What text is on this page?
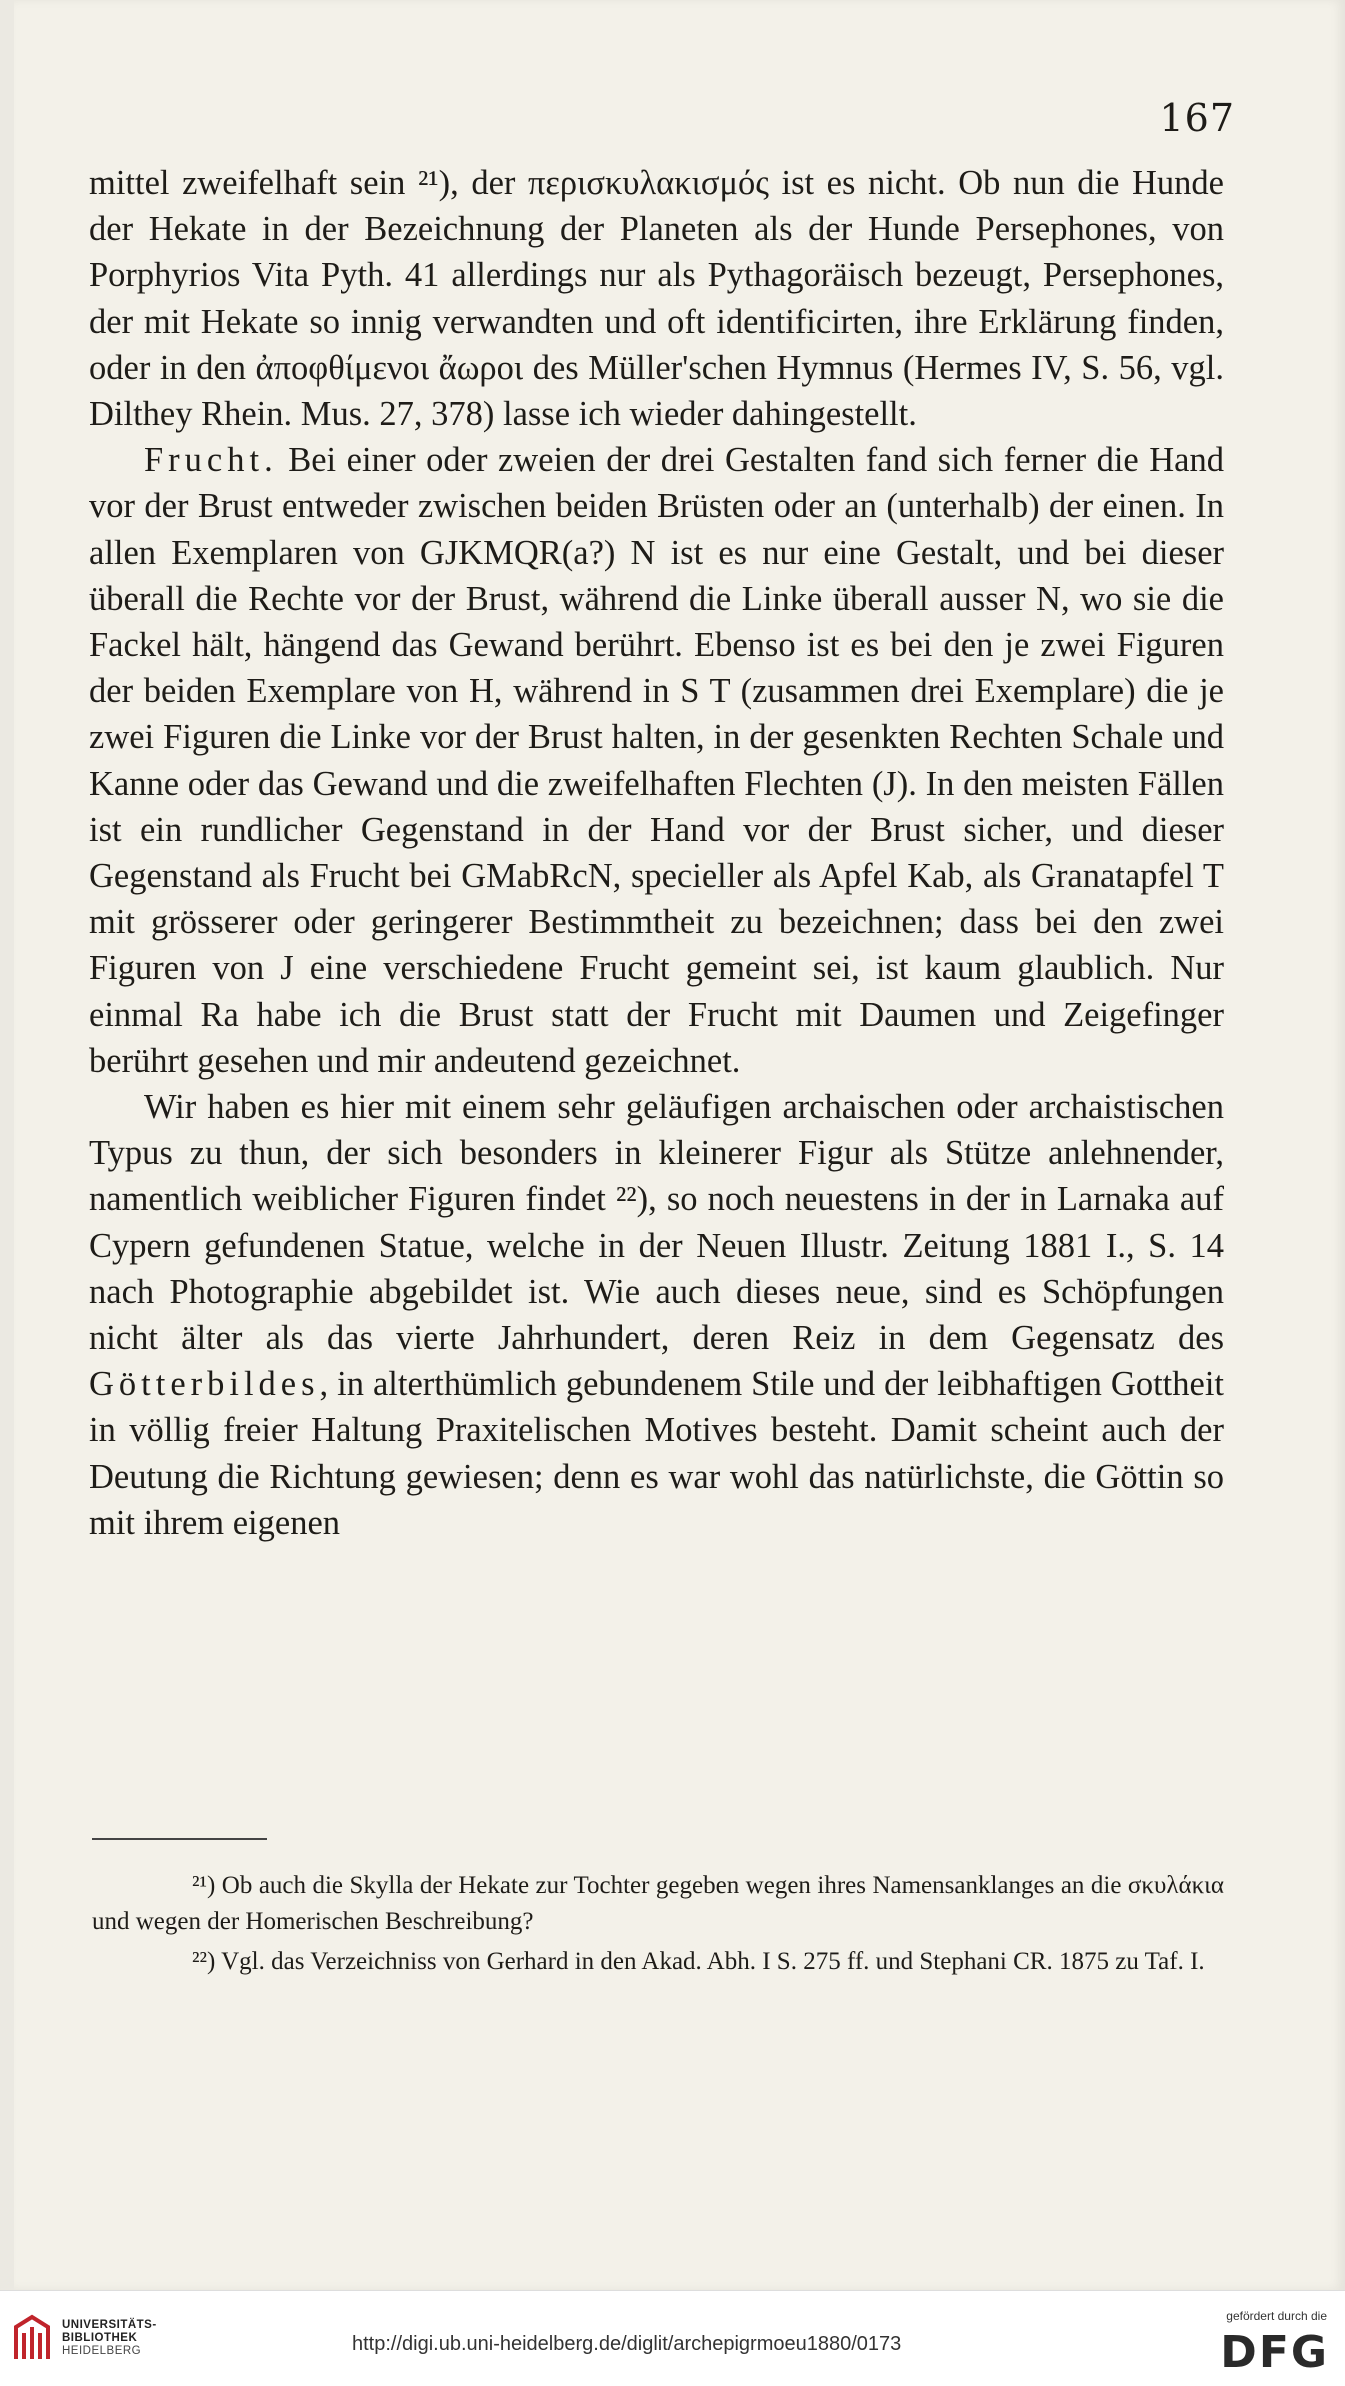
167

mittel zweifelhaft sein ²¹), der περισκυλακισμός ist es nicht. Ob nun die Hunde der Hekate in der Bezeichnung der Planeten als der Hunde Persephones, von Porphyrios Vita Pyth. 41 allerdings nur als Pythagoräisch bezeugt, Persephones, der mit Hekate so innig verwandten und oft identificirten, ihre Erklärung finden, oder in den ἀποφθίμενοι ἄωροι des Müller'schen Hymnus (Hermes IV, S. 56, vgl. Dilthey Rhein. Mus. 27, 378) lasse ich wieder dahingestellt.

Frucht. Bei einer oder zweien der drei Gestalten fand sich ferner die Hand vor der Brust entweder zwischen beiden Brüsten oder an (unterhalb) der einen. In allen Exemplaren von GJKMQR(a?) N ist es nur eine Gestalt, und bei dieser überall die Rechte vor der Brust, während die Linke überall ausser N, wo sie die Fackel hält, hängend das Gewand berührt. Ebenso ist es bei den je zwei Figuren der beiden Exemplare von H, während in S T (zusammen drei Exemplare) die je zwei Figuren die Linke vor der Brust halten, in der gesenkten Rechten Schale und Kanne oder das Gewand und die zweifelhaften Flechten (J). In den meisten Fällen ist ein rundlicher Gegenstand in der Hand vor der Brust sicher, und dieser Gegenstand als Frucht bei GMabRcN, specieller als Apfel Kab, als Granatapfel T mit grösserer oder geringerer Bestimmtheit zu bezeichnen; dass bei den zwei Figuren von J eine verschiedene Frucht gemeint sei, ist kaum glaublich. Nur einmal Ra habe ich die Brust statt der Frucht mit Daumen und Zeigefinger berührt gesehen und mir andeutend gezeichnet.

Wir haben es hier mit einem sehr geläufigen archaischen oder archaistischen Typus zu thun, der sich besonders in kleinerer Figur als Stütze anlehnender, namentlich weiblicher Figuren findet ²²), so noch neuestens in der in Larnaka auf Cypern gefundenen Statue, welche in der Neuen Illustr. Zeitung 1881 I., S. 14 nach Photographie abgebildet ist. Wie auch dieses neue, sind es Schöpfungen nicht älter als das vierte Jahrhundert, deren Reiz in dem Gegensatz des Götterbildes, in alterthümlich gebundenem Stile und der leibhaftigen Gottheit in völlig freier Haltung Praxitelischen Motives besteht. Damit scheint auch der Deutung die Richtung gewiesen; denn es war wohl das natürlichste, die Göttin so mit ihrem eigenen

²¹) Ob auch die Skylla der Hekate zur Tochter gegeben wegen ihres Namensanklanges an die σκυλάκια und wegen der Homerischen Beschreibung?

²²) Vgl. das Verzeichniss von Gerhard in den Akad. Abh. I S. 275 ff. und Stephani CR. 1875 zu Taf. I.

UNIVERSITÄTS-
BIBLIOTHEK
HEIDELBERG	http://digi.ub.uni-heidelberg.de/diglit/archepigrmoeu1880/0173
gefördert durch die
DFG
